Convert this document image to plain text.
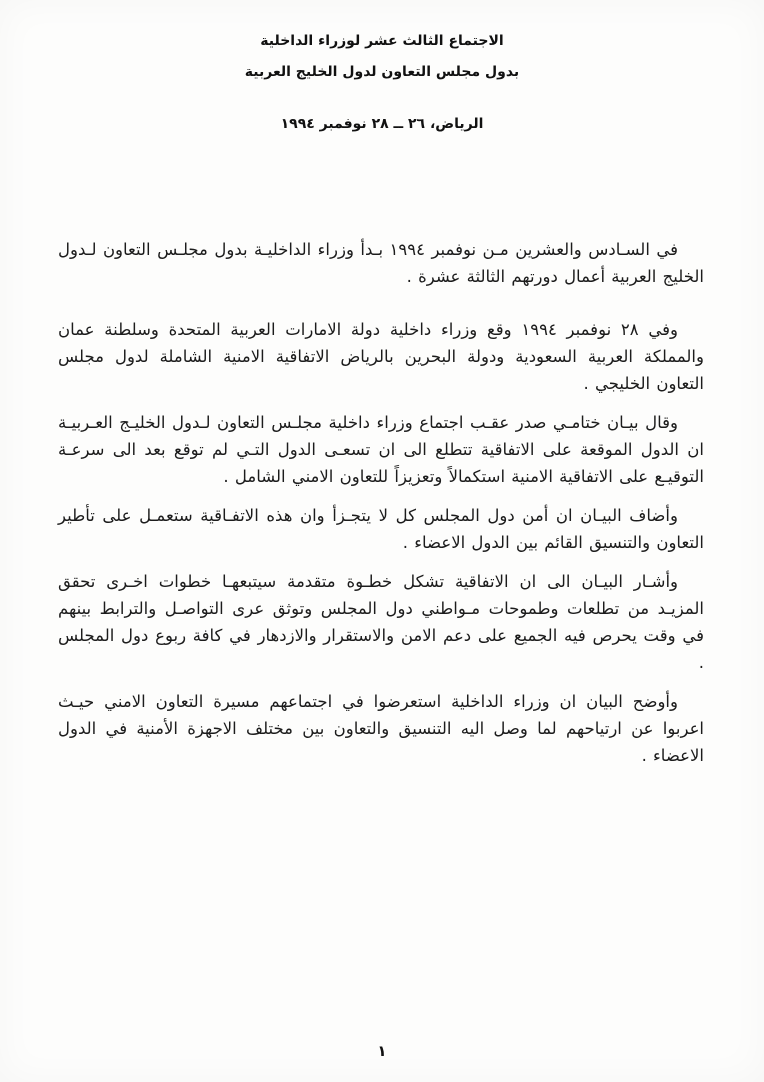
الاجتماع الثالث عشر لوزراء الداخلية
بدول مجلس التعاون لدول الخليج العربية
الرياض، ٢٦ ــ ٢٨ نوفمبر ١٩٩٤

في السـادس والعشرين مـن نوفمبر ١٩٩٤ بـدأ وزراء الداخليـة بدول مجلـس التعاون لـدول الخليج العربية أعمال دورتهم الثالثة عشرة .

وفي ٢٨ نوفمبر ١٩٩٤ وقع وزراء داخلية دولة الامارات العربية المتحدة وسلطنة عمان والمملكة العربية السعودية ودولة البحرين بالرياض الاتفاقية الامنية الشاملة لدول مجلس التعاون الخليجي .

وقال بيـان ختامـي صدر عقـب اجتماع وزراء داخلية مجلـس التعاون لـدول الخليـج العـربيـة ان الدول الموقعة على الاتفاقية تتطلع الى ان تسعـى الدول التـي لم توقع بعد الى سرعـة التوقيـع على الاتفاقية الامنية استكمالاً وتعزيزاً للتعاون الامني الشامل .

وأضاف البيـان ان أمن دول المجلس كل لا يتجـزأ وان هذه الاتفـاقية ستعمـل على تأطير التعاون والتنسيق القائم بين الدول الاعضاء .

وأشـار البيـان الى ان الاتفاقية تشكل خطـوة متقدمة سيتبعهـا خطوات اخـرى تحقق المزيـد من تطلعات وطموحات مـواطني دول المجلس وتوثق عرى التواصـل والترابط بينهم في وقت يحرص فيه الجميع على دعم الامن والاستقرار والازدهار في كافة ربوع دول المجلس .

وأوضح البيان ان وزراء الداخلية استعرضوا في اجتماعهم مسيرة التعاون الامني حيـث اعربوا عن ارتياحهم لما وصل اليه التنسيق والتعاون بين مختلف الاجهزة الأمنية في الدول الاعضاء .

١
